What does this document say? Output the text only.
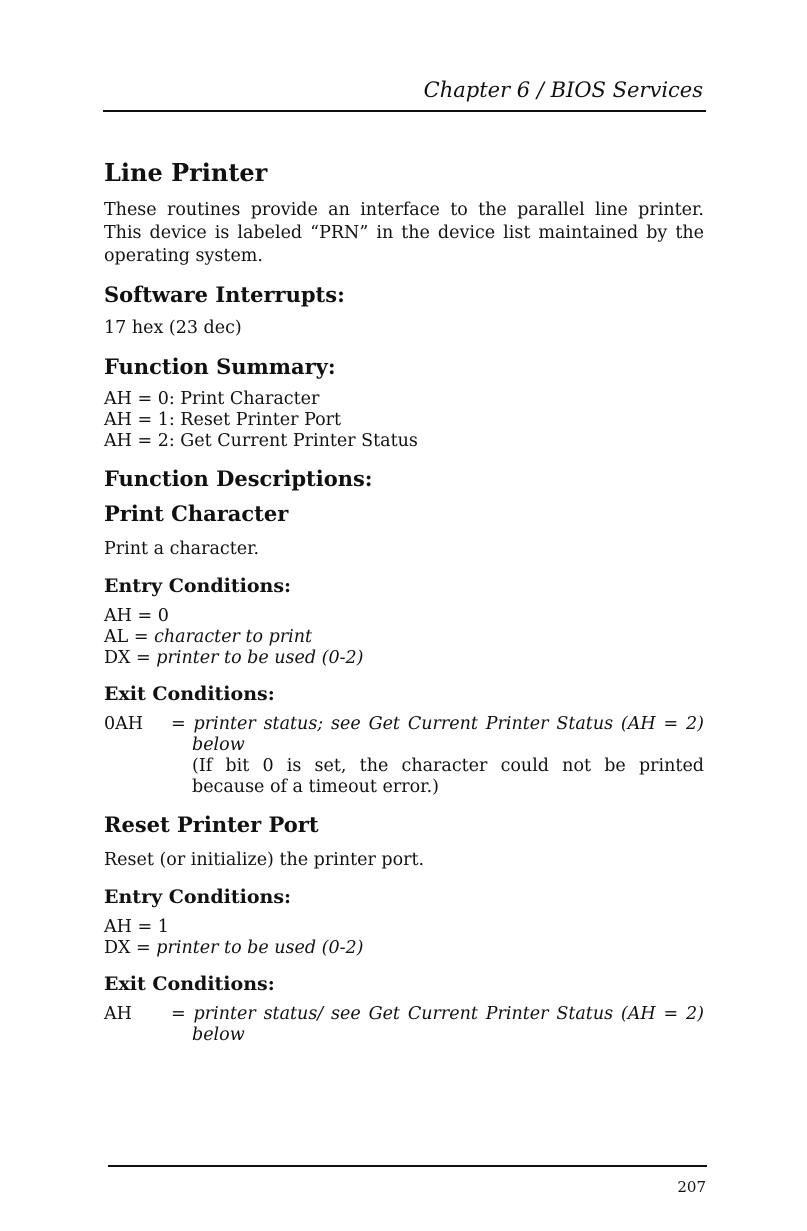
Chapter 6 / BIOS Services
Line Printer

These routines provide an interface to the parallel line printer. This device is labeled “PRN” in the device list maintained by the operating system.

Software Interrupts:

17 hex (23 dec)

Function Summary:
AH = 0: Print Character
AH = 1: Reset Printer Port
AH = 2: Get Current Printer Status
Function Descriptions:
Print Character

Print a character.

Entry Conditions:
AH = 0
AL = character to print
DX = printer to be used (0-2)
Exit Conditions:
0AH	= printer status; see Get Current Printer Status (AH = 2)
below
(If bit 0 is set, the character could not be printed because of a timeout error.)
Reset Printer Port

Reset (or initialize) the printer port.

Entry Conditions:
AH = 1
DX = printer to be used (0-2)
Exit Conditions:
AH	= printer status/ see Get Current Printer Status (AH = 2)
below
207
